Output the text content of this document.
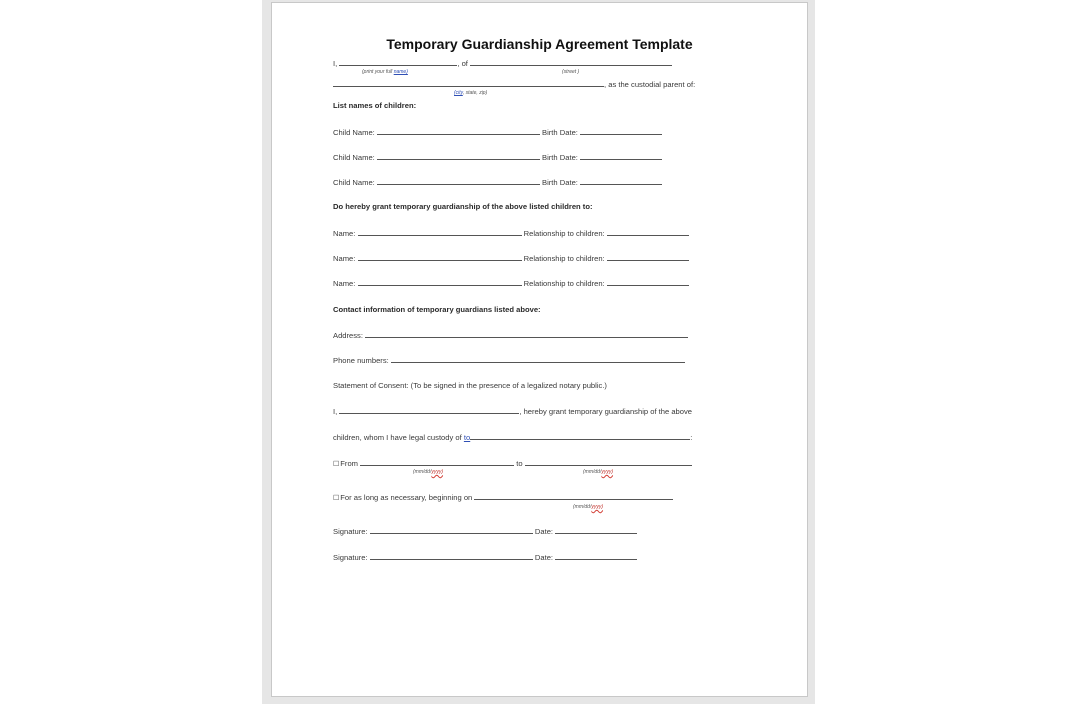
Temporary Guardianship Agreement Template
I,	, of
(print your full name)	(street )
, as the custodial parent of:
(city, state, zip)
List names of children:
Child Name:	Birth Date:
Child Name:	Birth Date:
Child Name:	Birth Date:
Do hereby grant temporary guardianship of the above listed children to:
Name:	Relationship to children:
Name:	Relationship to children:
Name:	Relationship to children:
Contact information of temporary guardians listed above:
Address:
Phone numbers:
Statement of Consent: (To be signed in the presence of a legalized notary public.)
I,	, hereby grant temporary guardianship of the above
children, whom I have legal custody of to	:
☐From	to
(mm/dd/yyyy)	(mm/dd/yyyy)
☐For as long as necessary, beginning on
(mm/dd/yyyy)
Signature:	Date:
Signature:	Date:
